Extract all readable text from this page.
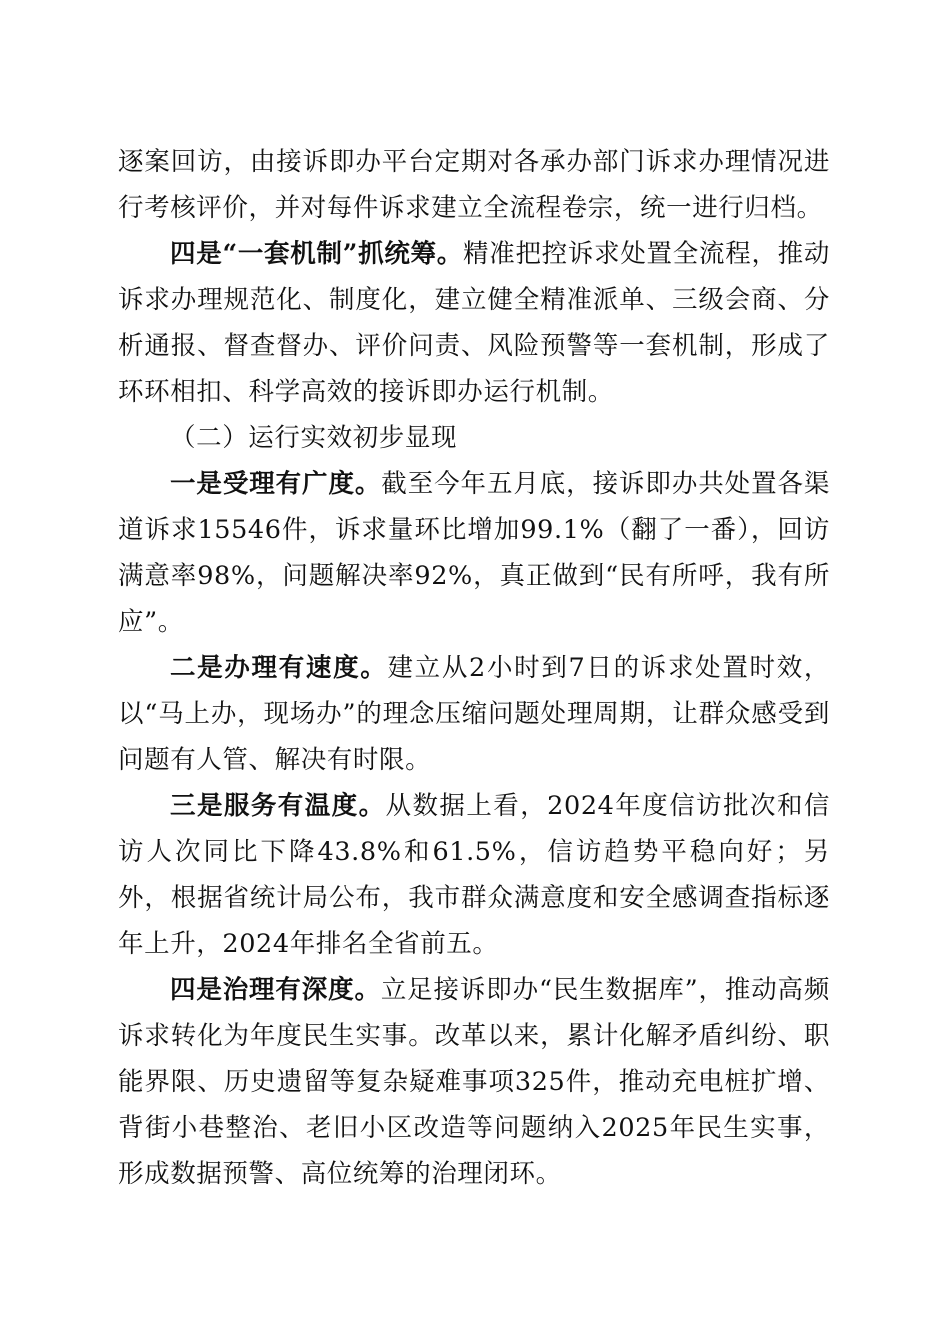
逐案回访，由接诉即办平台定期对各承办部门诉求办理情况进行考核评价，并对每件诉求建立全流程卷宗，统一进行归档。

四是“一套机制”抓统筹。精准把控诉求处置全流程，推动诉求办理规范化、制度化，建立健全精准派单、三级会商、分析通报、督查督办、评价问责、风险预警等一套机制，形成了环环相扣、科学高效的接诉即办运行机制。

（二）运行实效初步显现

一是受理有广度。截至今年五月底，接诉即办共处置各渠道诉求15546件，诉求量环比增加99.1%（翻了一番），回访满意率98%，问题解决率92%，真正做到“民有所呼，我有所应”。

二是办理有速度。建立从2小时到7日的诉求处置时效，以“马上办，现场办”的理念压缩问题处理周期，让群众感受到问题有人管、解决有时限。

三是服务有温度。从数据上看，2024年度信访批次和信访人次同比下降43.8%和61.5%，信访趋势平稳向好；另外，根据省统计局公布，我市群众满意度和安全感调查指标逐年上升，2024年排名全省前五。

四是治理有深度。立足接诉即办“民生数据库”，推动高频诉求转化为年度民生实事。改革以来，累计化解矛盾纠纷、职能界限、历史遗留等复杂疑难事项325件，推动充电桩扩增、背街小巷整治、老旧小区改造等问题纳入2025年民生实事，形成数据预警、高位统筹的治理闭环。
